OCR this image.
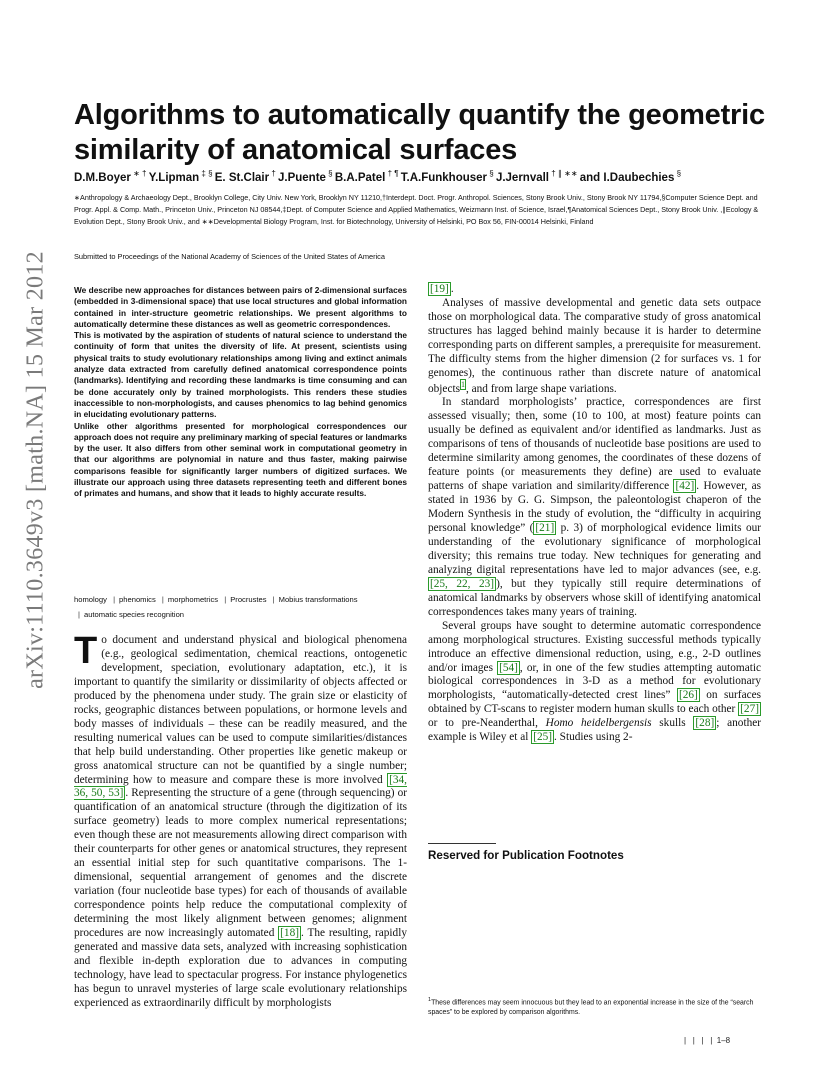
arXiv:1110.3649v3 [math.NA] 15 Mar 2012
Algorithms to automatically quantify the geometric similarity of anatomical surfaces
D.M.Boyer ∗ † Y.Lipman ‡ § E. St.Clair † J.Puente § B.A.Patel † ¶ T.A.Funkhouser § J.Jernvall † ∥ ∗∗ and I.Daubechies §
∗Anthropology & Archaeology Dept., Brooklyn College, City Univ. New York, Brooklyn NY 11210,†Interdept. Doct. Progr. Anthropol. Sciences, Stony Brook Univ., Stony Brook NY 11794,§Computer Science Dept. and Progr. Appl. & Comp. Math., Princeton Univ., Princeton NJ 08544,‡Dept. of Computer Science and Applied Mathematics, Weizmann Inst. of Science, Israel,¶Anatomical Sciences Dept., Stony Brook Univ. ,∥Ecology & Evolution Dept., Stony Brook Univ., and ∗∗Developmental Biology Program, Inst. for Biotechnology, University of Helsinki, PO Box 56, FIN-00014 Helsinki, Finland
Submitted to Proceedings of the National Academy of Sciences of the United States of America

We describe new approaches for distances between pairs of 2-dimensional surfaces (embedded in 3-dimensional space) that use local structures and global information contained in inter-structure geometric relationships. We present algorithms to automatically determine these distances as well as geometric correspondences.

This is motivated by the aspiration of students of natural science to understand the continuity of form that unites the diversity of life. At present, scientists using physical traits to study evolutionary relationships among living and extinct animals analyze data extracted from carefully defined anatomical correspondence points (landmarks). Identifying and recording these landmarks is time consuming and can be done accurately only by trained morphologists. This renders these studies inaccessible to non-morphologists, and causes phenomics to lag behind genomics in elucidating evolutionary patterns.

Unlike other algorithms presented for morphological correspondences our approach does not require any preliminary marking of special features or landmarks by the user. It also differs from other seminal work in computational geometry in that our algorithms are polynomial in nature and thus faster, making pairwise comparisons feasible for significantly larger numbers of digitized surfaces. We illustrate our approach using three datasets representing teeth and different bones of primates and humans, and show that it leads to highly accurate results.

homology | phenomics | morphometrics | Procrustes | Mobius transformations | automatic species recognition

To document and understand physical and biological phenomena (e.g., geological sedimentation, chemical reactions, ontogenetic development, speciation, evolutionary adaptation, etc.), it is important to quantify the similarity or dissimilarity of objects affected or produced by the phenomena under study. The grain size or elasticity of rocks, geographic distances between populations, or hormone levels and body masses of individuals – these can be readily measured, and the resulting numerical values can be used to compute similarities/distances that help build understanding. Other properties like genetic makeup or gross anatomical structure can not be quantified by a single number; determining how to measure and compare these is more involved [34, 36, 50, 53] . Representing the structure of a gene (through sequencing) or quantification of an anatomical structure (through the digitization of its surface geometry) leads to more complex numerical representations; even though these are not measurements allowing direct comparison with their counterparts for other genes or anatomical structures, they represent an essential initial step for such quantitative comparisons. The 1-dimensional, sequential arrangement of genomes and the discrete variation (four nucleotide base types) for each of thousands of available correspondence points help reduce the computational complexity of determining the most likely alignment between genomes; alignment procedures are now increasingly automated [18] . The resulting, rapidly generated and massive data sets, analyzed with increasing sophistication and flexible in-depth exploration due to advances in computing technology, have lead to spectacular progress. For instance phylogenetics has begun to unravel mysteries of large scale evolutionary relationships experienced as extraordinarily difficult by morphologists

[19] .

Analyses of massive developmental and genetic data sets outpace those on morphological data. The comparative study of gross anatomical structures has lagged behind mainly because it is harder to determine corresponding parts on different samples, a prerequisite for measurement. The difficulty stems from the higher dimension (2 for surfaces vs. 1 for genomes), the continuous rather than discrete nature of anatomical objects$^1$, and from large shape variations.

In standard morphologists’ practice, correspondences are first assessed visually; then, some (10 to 100, at most) feature points can usually be defined as equivalent and/or identified as landmarks. Just as comparisons of tens of thousands of nucleotide base positions are used to determine similarity among genomes, the coordinates of these dozens of feature points (or measurements they define) are used to evaluate patterns of shape variation and similarity/difference [42] . However, as stated in 1936 by G. G. Simpson, the paleontologist chaperon of the Modern Synthesis in the study of evolution, the “difficulty in acquiring personal knowledge” ( [21] p. 3) of morphological evidence limits our understanding of the evolutionary significance of morphological diversity; this remains true today. New techniques for generating and analyzing digital representations have led to major advances (see, e.g. [25, 22, 23] ), but they typically still require determinations of anatomical landmarks by observers whose skill of identifying anatomical correspondences takes many years of training.

Several groups have sought to determine automatic correspondence among morphological structures. Existing successful methods typically introduce an effective dimensional reduction, using, e.g., 2-D outlines and/or images [54] , or, in one of the few studies attempting automatic biological correspondences in 3-D as a method for evolutionary morphologists, “automatically-detected crest lines” [26] on surfaces obtained by CT-scans to register modern human skulls to each other [27] or to pre-Neanderthal, Homo heidelbergensis skulls [28] ; another example is Wiley et al [25] . Studies using 2-

Reserved for Publication Footnotes
$^1$These differences may seem innocuous but they lead to an exponential increase in the size of the “search spaces” to be explored by comparison algorithms.
|   |   |   |  1–8
